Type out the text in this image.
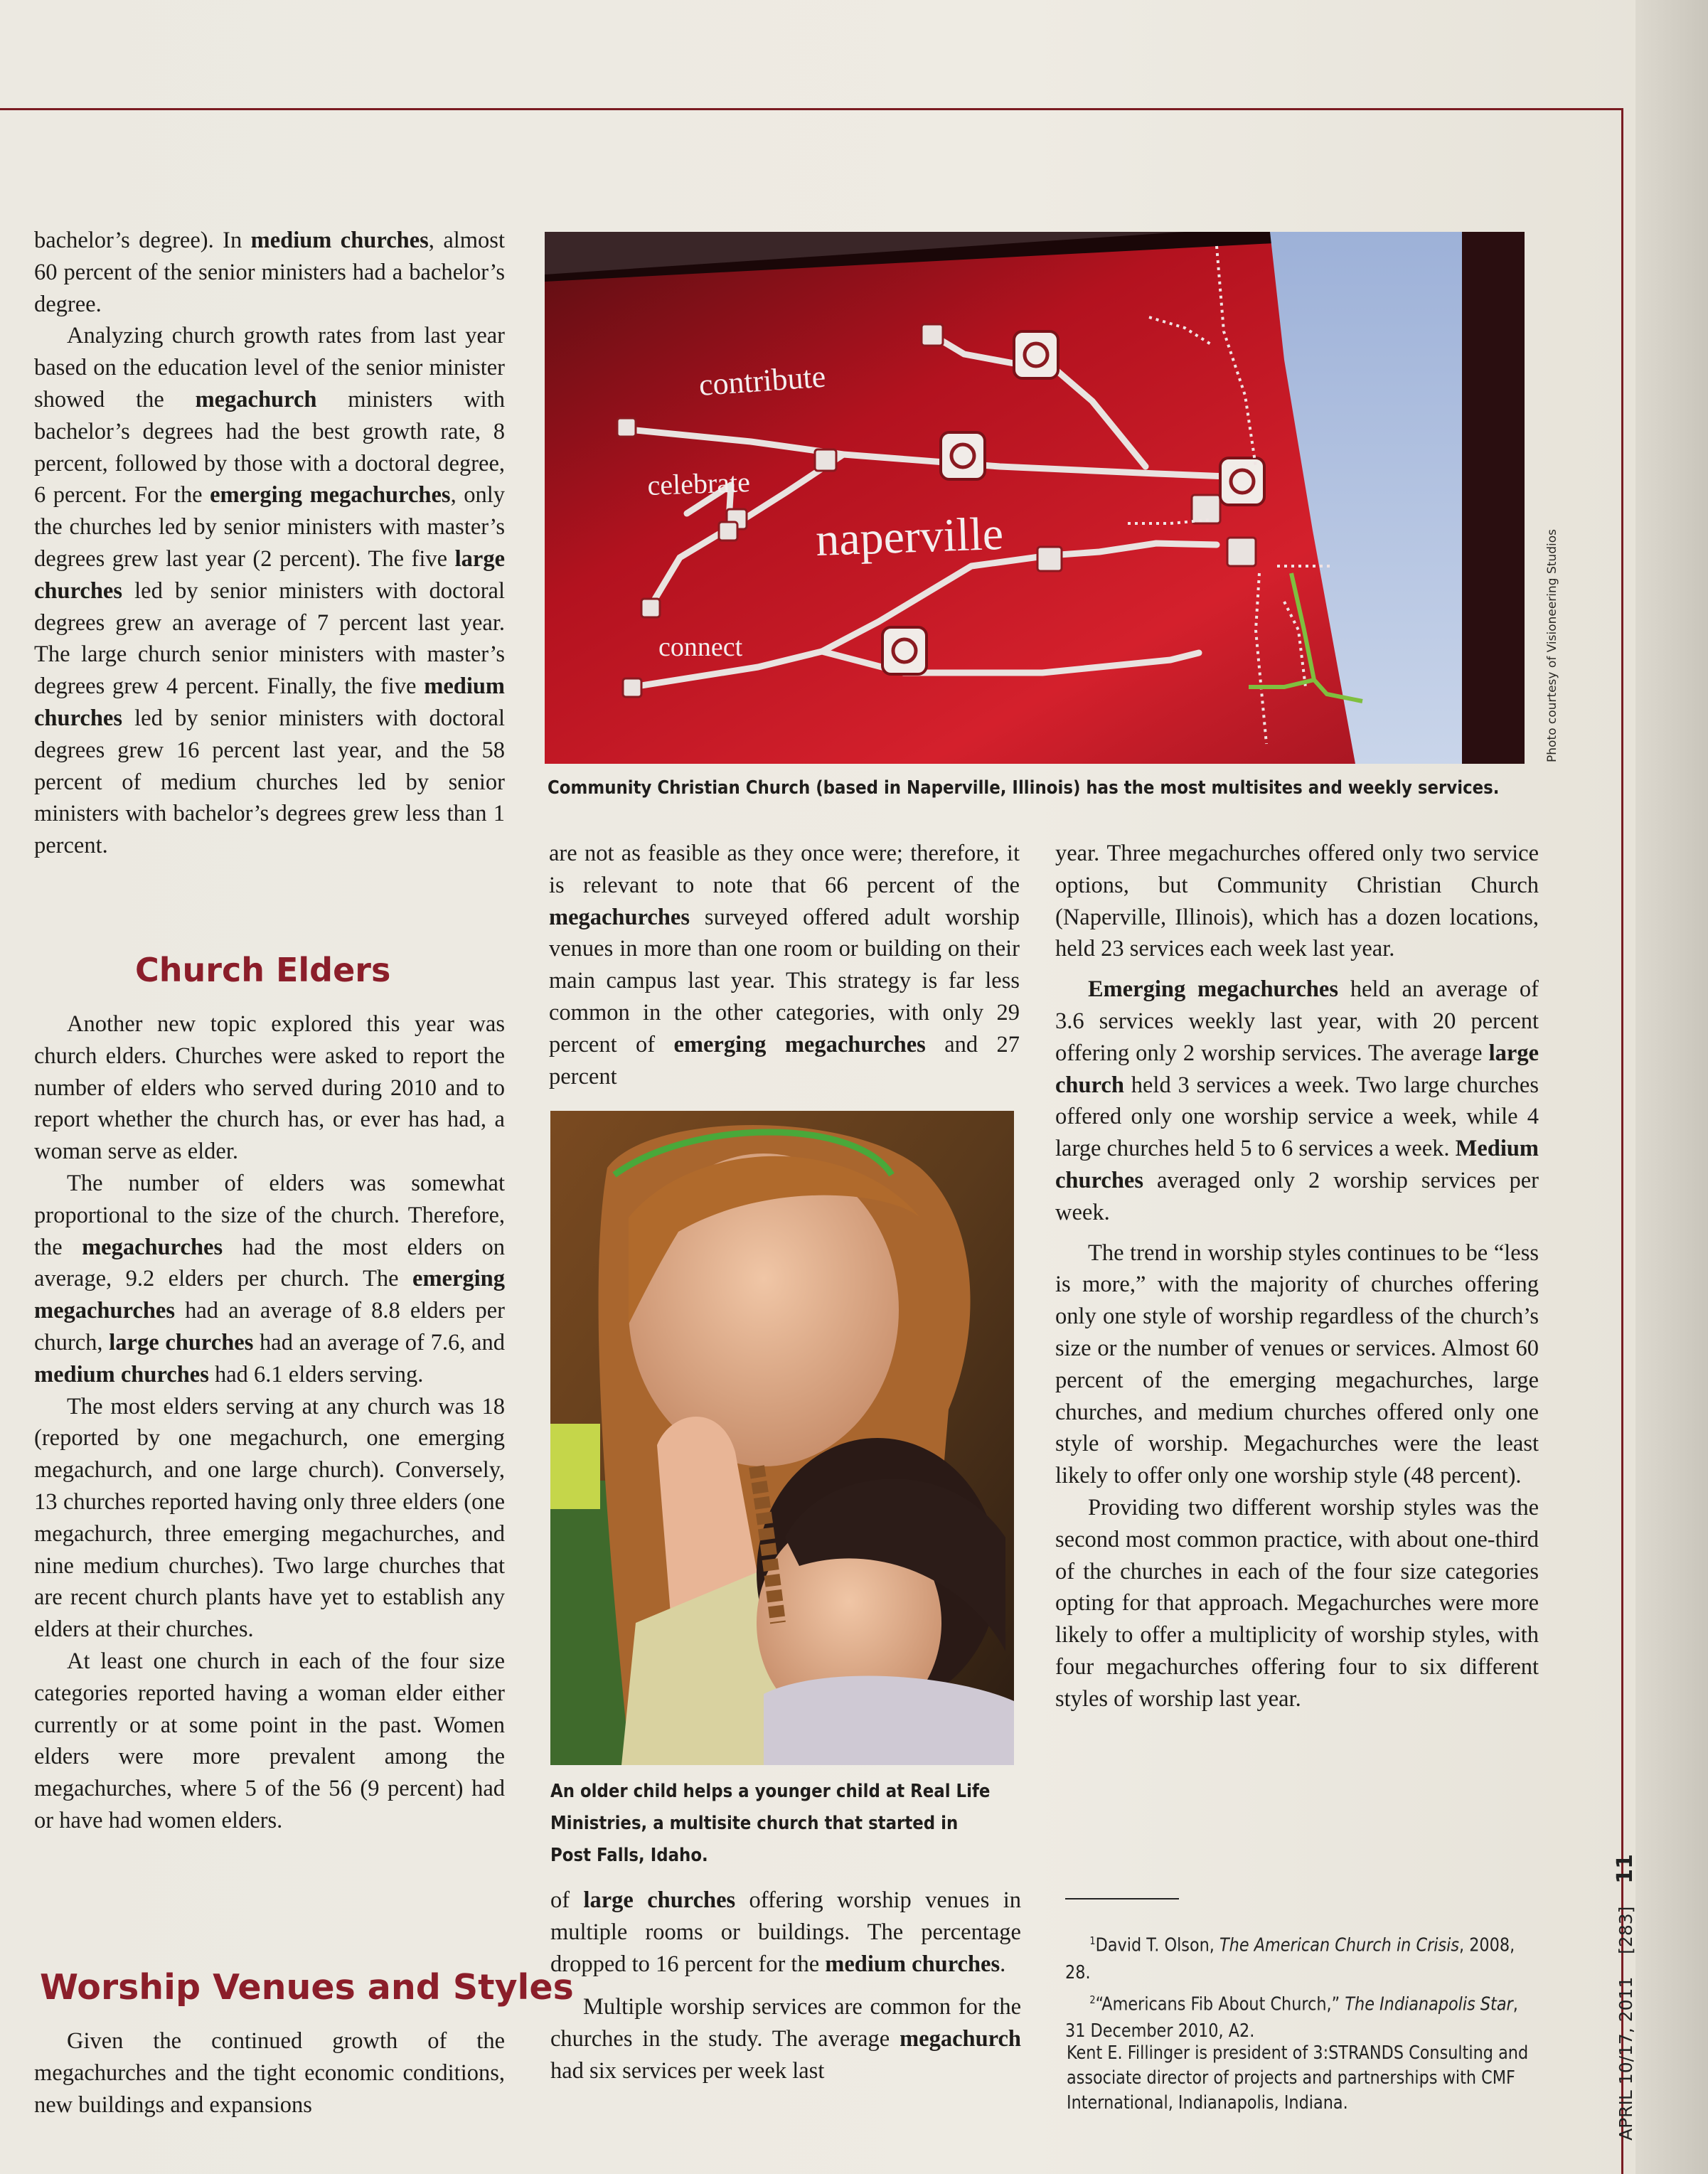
bachelor’s degree). In medium churches, almost 60 percent of the senior ministers had a bachelor’s degree.

Analyzing church growth rates from last year based on the education level of the senior minister showed the megachurch ministers with bachelor’s degrees had the best growth rate, 8 percent, followed by those with a doctoral degree, 6 percent. For the emerging megachurches, only the churches led by senior ministers with master’s degrees grew last year (2 percent). The five large churches led by senior ministers with doctoral degrees grew an average of 7 percent last year. The large church senior ministers with master’s degrees grew 4 percent. Finally, the five medium churches led by senior ministers with doctoral degrees grew 16 percent last year, and the 58 percent of medium churches led by senior ministers with bachelor’s degrees grew less than 1 percent.

Church Elders

Another new topic explored this year was church elders. Churches were asked to report the number of elders who served during 2010 and to report whether the church has, or ever has had, a woman serve as elder.

The number of elders was somewhat proportional to the size of the church. Therefore, the megachurches had the most elders on average, 9.2 elders per church. The emerging megachurches had an average of 8.8 elders per church, large churches had an average of 7.6, and medium churches had 6.1 elders serving.

The most elders serving at any church was 18 (reported by one megachurch, one emerging megachurch, and one large church). Conversely, 13 churches reported having only three elders (one megachurch, three emerging megachurches, and nine medium churches). Two large churches that are recent church plants have yet to establish any elders at their churches.

At least one church in each of the four size categories reported having a woman elder either currently or at some point in the past. Women elders were more prevalent among the megachurches, where 5 of the 56 (9 percent) had or have had women elders.

Worship Venues and Styles

Given the continued growth of the megachurches and the tight economic conditions, new buildings and expansions

contribute
celebrate
naperville
connect	Photo courtesy of Visioneering Studios
Community Christian Church (based in Naperville, Illinois) has the most multisites and weekly services.

are not as feasible as they once were; therefore, it is relevant to note that 66 percent of the megachurches surveyed offered adult worship venues in more than one room or building on their main campus last year. This strategy is far less common in the other categories, with only 29 percent of emerging megachurches and 27 percent

An older child helps a younger child at Real Life Ministries, a multisite church that started in Post Falls, Idaho.

of large churches offering worship venues in multiple rooms or buildings. The percentage dropped to 16 percent for the medium churches.

Multiple worship services are common for the churches in the study. The average megachurch had six services per week last

year. Three megachurches offered only two service options, but Community Christian Church (Naperville, Illinois), which has a dozen locations, held 23 services each week last year.

Emerging megachurches held an average of 3.6 services weekly last year, with 20 percent offering only 2 worship services. The average large church held 3 services a week. Two large churches offered only one worship service a week, while 4 large churches held 5 to 6 services a week. Medium churches averaged only 2 worship services per week.

The trend in worship styles continues to be “less is more,” with the majority of churches offering only one style of worship regardless of the church’s size or the number of venues or services. Almost 60 percent of the emerging megachurches, large churches, and medium churches offered only one style of worship. Megachurches were the least likely to offer only one worship style (48 percent).

Providing two different worship styles was the second most common practice, with about one-third of the churches in each of the four size categories opting for that approach. Megachurches were more likely to offer a multiplicity of worship styles, with four megachurches offering four to six different styles of worship last year.

$^1$David T. Olson, The American Church in Crisis, 2008, 28.
$^2$“Americans Fib About Church,” The Indianapolis Star, 31 December 2010, A2.
Kent E. Fillinger is president of 3:STRANDS Consulting and associate director of projects and partnerships with CMF International, Indianapolis, Indiana.	APRIL 10/17, 2011    [283]    11
